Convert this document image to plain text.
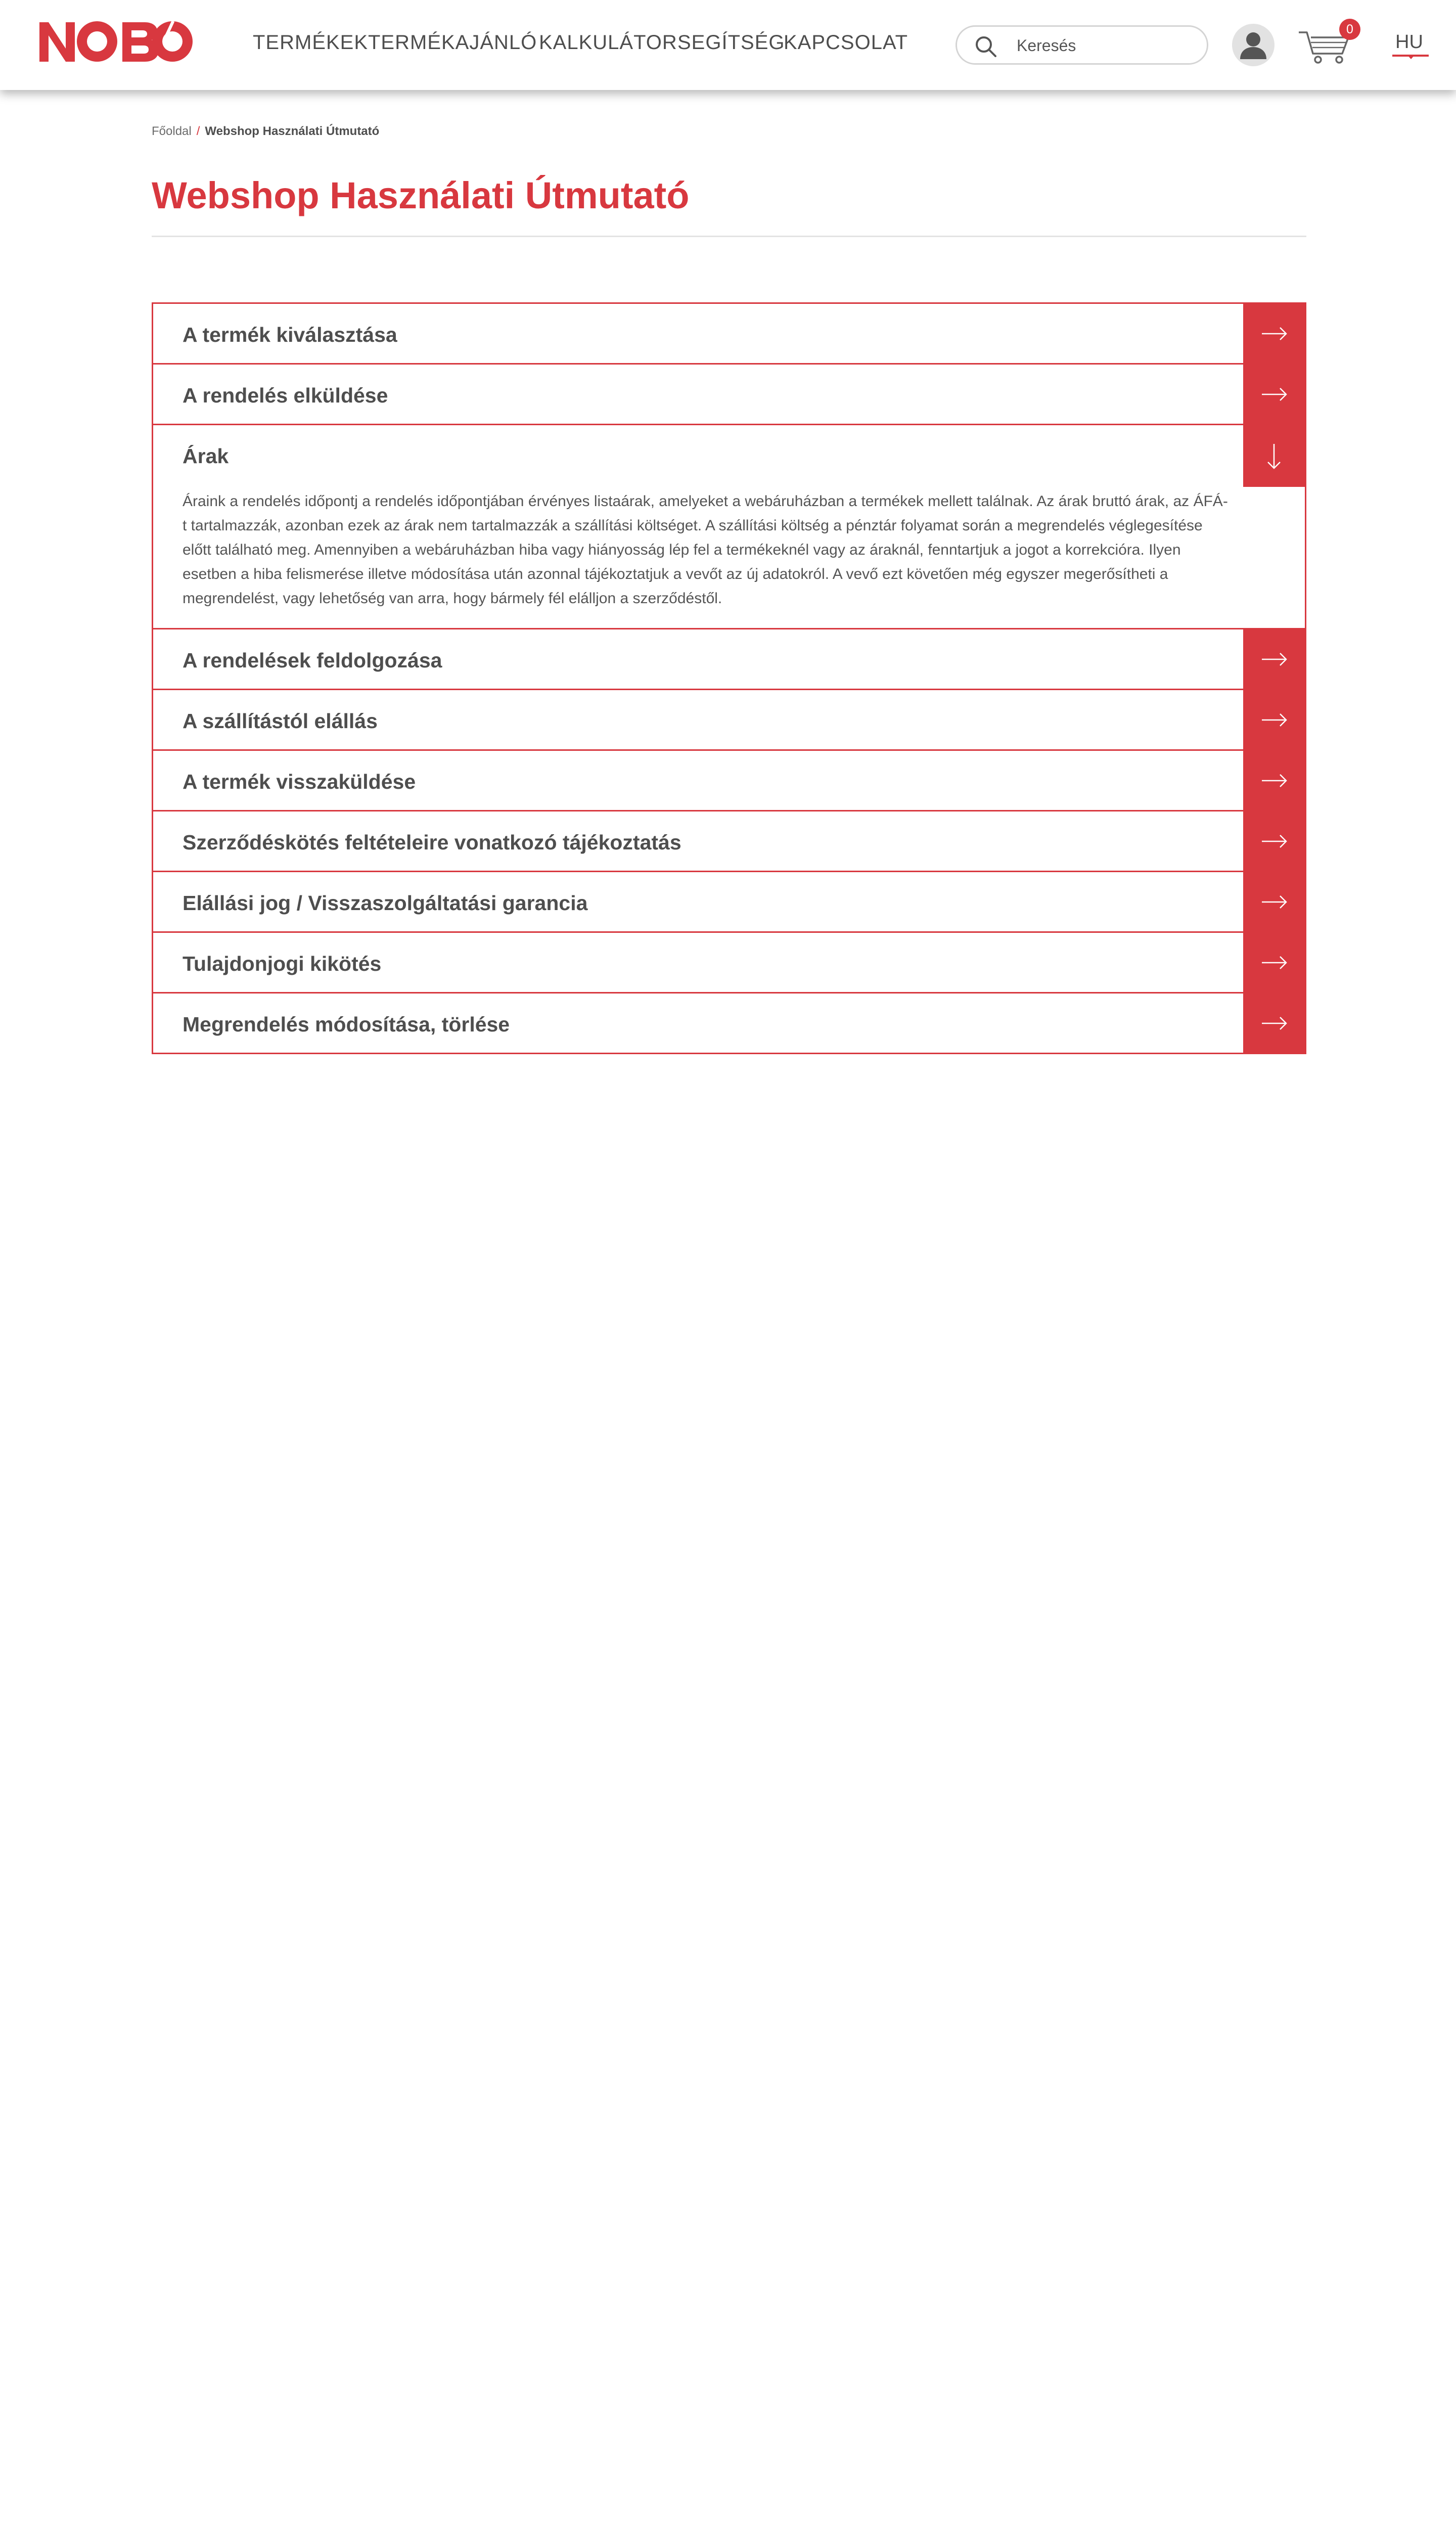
TERMÉKEK TERMÉKAJÁNLÓ KALKULÁTOR SEGÍTSÉG
KAPCSOLAT
Keresés
0
HU
Főoldal / Webshop Használati Útmutató
Webshop Használati Útmutató
A termék kiválasztása
A rendelés elküldése
Árak
Áraink a rendelés időpontj a rendelés időpontjában érvényes listaárak, amelyeket a webáruházban a termékek mellett találnak. Az árak bruttó árak, az ÁFÁ-t tartalmazzák, azonban ezek az árak nem tartalmazzák a szállítási költséget. A szállítási költség a pénztár folyamat során a megrendelés véglegesítése előtt található meg. Amennyiben a webáruházban hiba vagy hiányosság lép fel a termékeknél vagy az áraknál, fenntartjuk a jogot a korrekcióra. Ilyen esetben a hiba felismerése illetve módosítása után azonnal tájékoztatjuk a vevőt az új adatokról. A vevő ezt követően még egyszer megerősítheti a megrendelést, vagy lehetőség van arra, hogy bármely fél elálljon a szerződéstől.
A rendelések feldolgozása
A szállítástól elállás
A termék visszaküldése
Szerződéskötés feltételeire vonatkozó tájékoztatás
Elállási jog / Visszaszolgáltatási garancia
Tulajdonjogi kikötés
Megrendelés módosítása, törlése
